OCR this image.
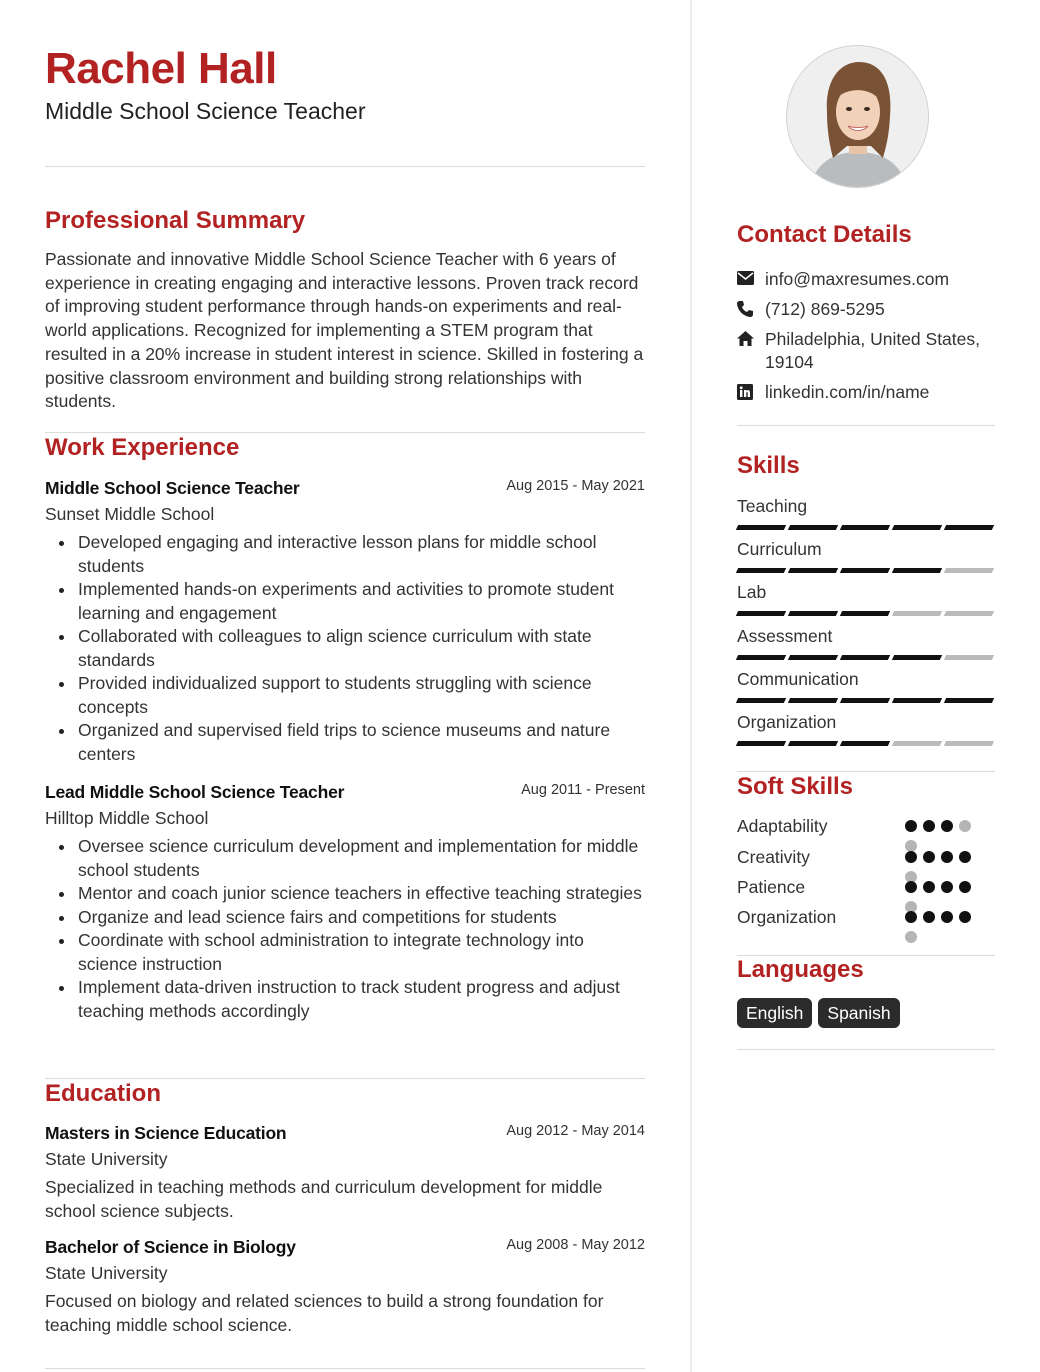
Rachel Hall
Middle School Science Teacher
Professional Summary
Passionate and innovative Middle School Science Teacher with 6 years of experience in creating engaging and interactive lessons. Proven track record of improving student performance through hands-on experiments and real-world applications. Recognized for implementing a STEM program that resulted in a 20% increase in student interest in science. Skilled in fostering a positive classroom environment and building strong relationships with students.
Work Experience
Middle School Science Teacher	Aug 2015 - May 2021
Sunset Middle School
Developed engaging and interactive lesson plans for middle school students
Implemented hands-on experiments and activities to promote student learning and engagement
Collaborated with colleagues to align science curriculum with state standards
Provided individualized support to students struggling with science concepts
Organized and supervised field trips to science museums and nature centers
Lead Middle School Science Teacher	Aug 2011 - Present
Hilltop Middle School
Oversee science curriculum development and implementation for middle school students
Mentor and coach junior science teachers in effective teaching strategies
Organize and lead science fairs and competitions for students
Coordinate with school administration to integrate technology into science instruction
Implement data-driven instruction to track student progress and adjust teaching methods accordingly
Education
Masters in Science Education	Aug 2012 - May 2014
State University
Specialized in teaching methods and curriculum development for middle school science subjects.
Bachelor of Science in Biology	Aug 2008 - May 2012
State University
Focused on biology and related sciences to build a strong foundation for teaching middle school science.
Contact Details
info@maxresumes.com
(712) 869-5295
Philadelphia, United States, 19104
linkedin.com/in/name
Skills
Teaching
Curriculum
Lab
Assessment
Communication
Organization
Soft Skills
Adaptability
Creativity
Patience
Organization
Languages
English	Spanish
